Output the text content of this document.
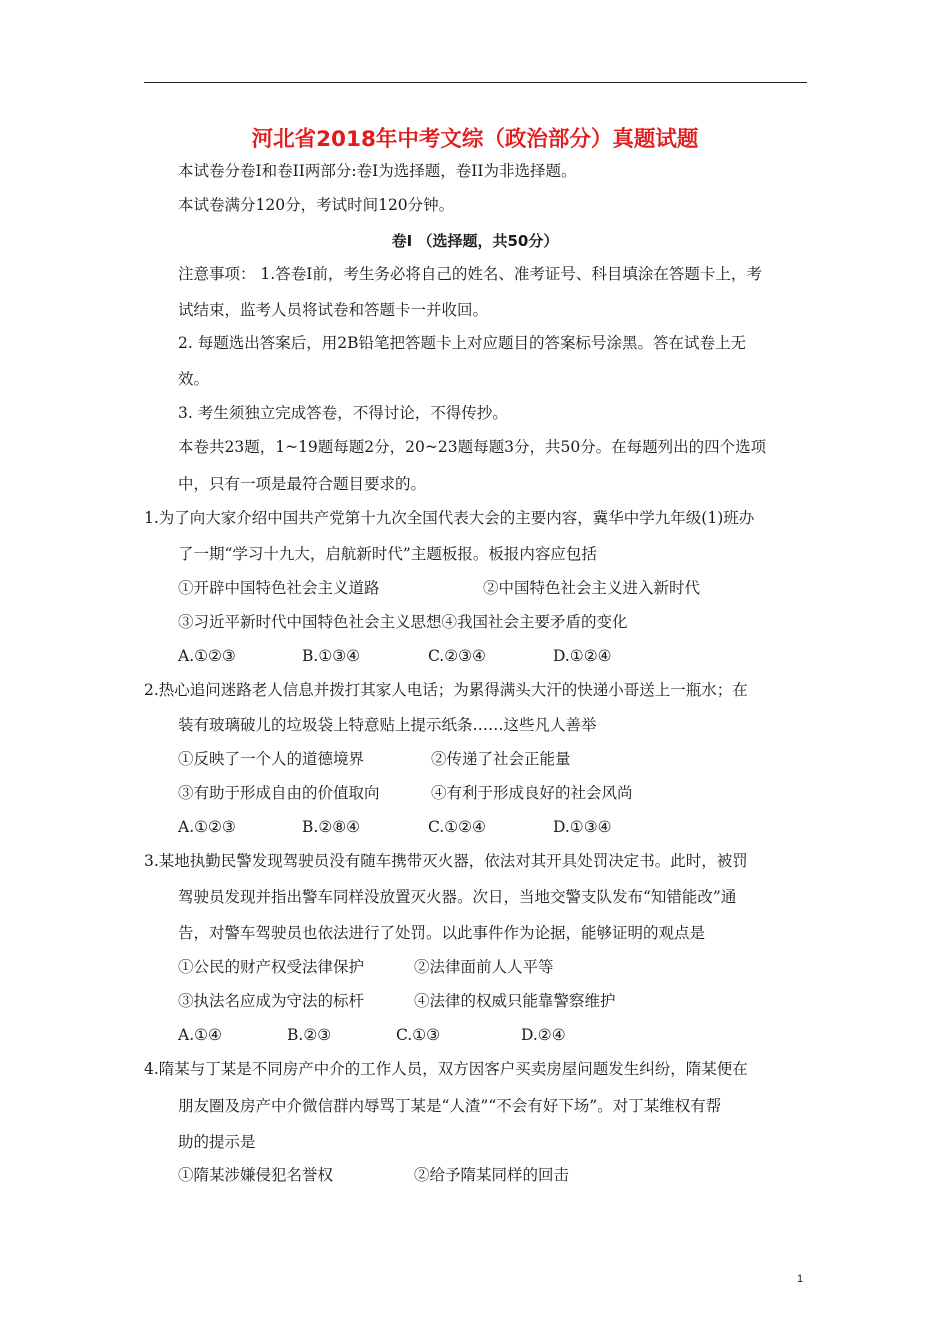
河北省2018年中考文综（政治部分）真题试题
本试卷分卷I和卷II两部分:卷I为选择题，卷II为非选择题。
本试卷满分120分，考试时间120分钟。
卷I （选择题，共50分）
注意事项： 1.答卷I前，考生务必将自己的姓名、准考证号、科目填涂在答题卡上，考
试结束，监考人员将试卷和答题卡一并收回。
2. 每题选出答案后，用2B铅笔把答题卡上对应题目的答案标号涂黑。答在试卷上无
效。
3. 考生须独立完成答卷，不得讨论，不得传抄。
本卷共23题，1~19题每题2分，20~23题每题3分，共50分。在每题列出的四个选项
中，只有一项是最符合题目要求的。
1.为了向大家介绍中国共产党第十九次全国代表大会的主要内容，冀华中学九年级(1)班办
了一期“学习十九大，启航新时代”主题板报。板报内容应包括
①开辟中国特色社会主义道路	②中国特色社会主义进入新时代
③习近平新时代中国特色社会主义思想④我国社会主要矛盾的变化
A.①②③	B.①③④	C.②③④	D.①②④
2.热心追问迷路老人信息并拨打其家人电话；为累得满头大汗的快递小哥送上一瓶水；在
装有玻璃破儿的垃圾袋上特意贴上提示纸条……这些凡人善举
①反映了一个人的道德境界	②传递了社会正能量
③有助于形成自由的价值取向	④有利于形成良好的社会风尚
A.①②③	B.②⑧④	C.①②④	D.①③④
3.某地执勤民警发现驾驶员没有随车携带灭火器，依法对其开具处罚决定书。此时，被罚
驾驶员发现并指出警车同样没放置灭火器。次日，当地交警支队发布“知错能改”通
告，对警车驾驶员也依法进行了处罚。以此事件作为论据，能够证明的观点是
①公民的财产权受法律保护	②法律面前人人平等
③执法名应成为守法的标杆	④法律的权威只能靠警察维护
A.①④	B.②③	C.①③	D.②④
4.隋某与丁某是不同房产中介的工作人员，双方因客户买卖房屋问题发生纠纷，隋某便在
朋友圈及房产中介微信群内辱骂丁某是“人渣”“不会有好下场”。对丁某维权有帮
助的提示是
①隋某涉嫌侵犯名誉权	②给予隋某同样的回击
1
